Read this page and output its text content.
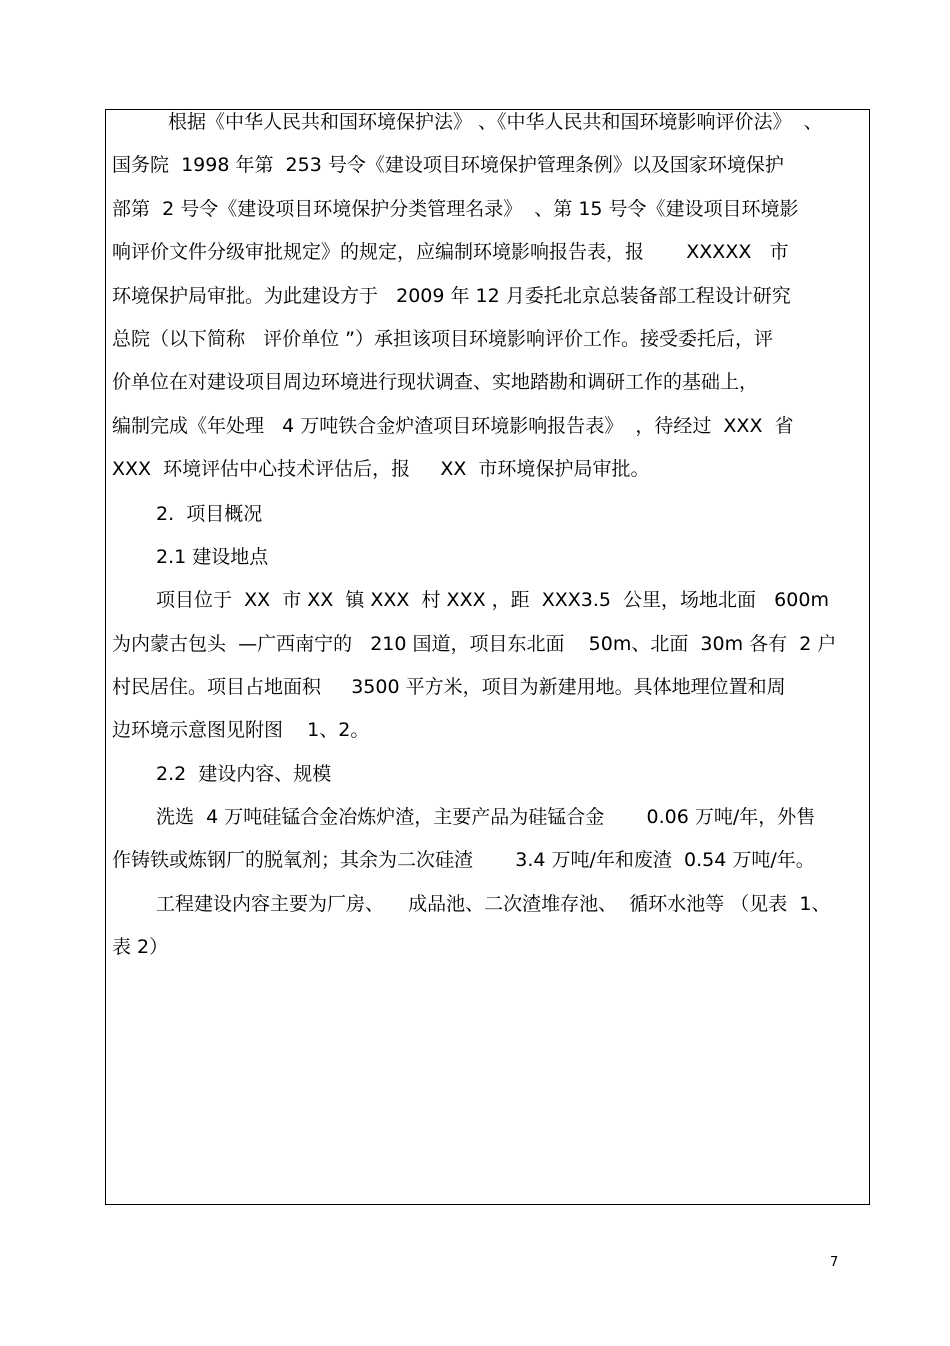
根据《中华人民共和国环境保护法》 、《中华人民共和国环境影响评价法》  、
国务院  1998 年第  253 号令《建设项目环境保护管理条例》以及国家环境保护
部第  2 号令《建设项目环境保护分类管理名录》  、第 15 号令《建设项目环境影
响评价文件分级审批规定》的规定，应编制环境影响报告表，报       XXXXX   市
环境保护局审批。为此建设方于   2009 年 12 月委托北京总装备部工程设计研究
总院（以下简称   评价单位 ”）承担该项目环境影响评价工作。接受委托后，评
价单位在对建设项目周边环境进行现状调查、实地踏勘和调研工作的基础上，
编制完成《年处理   4 万吨铁合金炉渣项目环境影响报告表》  ，待经过  XXX  省
XXX  环境评估中心技术评估后，报     XX  市环境保护局审批。
2.  项目概况
2.1 建设地点
项目位于  XX  市 XX  镇 XXX  村 XXX ，距  XXX3.5  公里，场地北面   600m
为内蒙古包头  —广西南宁的   210 国道，项目东北面    50m、北面  30m 各有  2 户
村民居住。项目占地面积     3500 平方米，项目为新建用地。具体地理位置和周
边环境示意图见附图    1、2。
2.2  建设内容、规模
洗选  4 万吨硅锰合金冶炼炉渣，主要产品为硅锰合金       0.06 万吨/年，外售
作铸铁或炼钢厂的脱氧剂；其余为二次硅渣       3.4 万吨/年和废渣  0.54 万吨/年。
工程建设内容主要为厂房、    成品池、二次渣堆存池、  循环水池等 （见表  1、
表 2）
7
